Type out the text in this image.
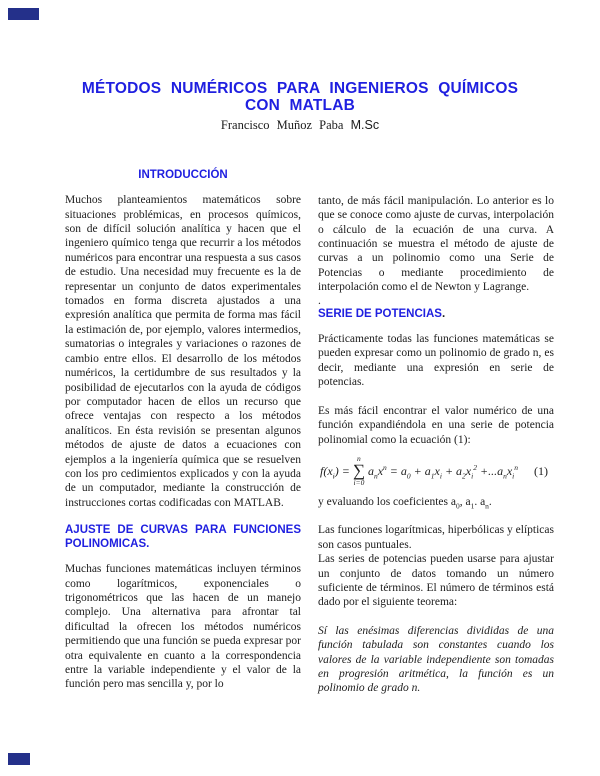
MÉTODOS NUMÉRICOS PARA INGENIEROS QUÍMICOS CON MATLAB
Francisco Muñoz Paba M.Sc
INTRODUCCIÓN

Muchos planteamientos matemáticos sobre situaciones problémicas, en procesos químicos, son de difícil solución analítica y hacen que el ingeniero químico tenga que recurrir a los métodos numéricos para encontrar una respuesta a sus casos de estudio. Una necesidad muy frecuente es la de representar un conjunto de datos experimentales tomados en forma discreta ajustados a una expresión analítica que permita de forma mas fácil la estimación de, por ejemplo, valores intermedios, sumatorias o integrales y variaciones o razones de cambio entre ellos. El desarrollo de los métodos numéricos, la certidumbre de sus resultados y la posibilidad de ejecutarlos con la ayuda de códigos por computador hacen de ellos un recurso que ofrece ventajas con respecto a los métodos analíticos. En ésta revisión se presentan algunos métodos de ajuste de datos a ecuaciones con ejemplos a la ingeniería química que se resuelven con los pro cedimientos explicados y con la ayuda de un computador, mediante la construcción de instrucciones cortas codificadas con MATLAB.

AJUSTE DE CURVAS PARA FUNCIONES POLINOMICAS.

Muchas funciones matemáticas incluyen términos como logarítmicos, exponenciales o trigonométricos que las hacen de un manejo complejo. Una alternativa para afrontar tal dificultad la ofrecen los métodos numéricos permitiendo que una función se pueda expresar por otra equivalente en cuanto a la correspondencia entre la variable independiente y el valor de la función pero mas sencilla y, por lo

tanto, de más fácil manipulación. Lo anterior es lo que se conoce como ajuste de curvas, interpolación o cálculo de la ecuación de una curva. A continuación se muestra el método de ajuste de curvas a un polinomio como una Serie de Potencias o mediante procedimiento de interpolación como el de Newton y Lagrange.

.

SERIE DE POTENCIAS.

Prácticamente todas las funciones matemáticas se pueden expresar como un polinomio de grado n, es decir, mediante una expresión en serie de potencias.

Es más fácil encontrar el valor numérico de una función expandiéndola en una serie de potencia polinomial como la ecuación (1):

$f(x_i)$ =
n
∑
i=0
$a_nx^n = a_0 + a_1x_i + a_2x_i^2 +...a_nx_i^n$ (1)

y evaluando los coeficientes $a_0$, $a_1$. $a_n$.

Las funciones logarítmicas, hiperbólicas y elípticas son casos puntuales.

Las series de potencias pueden usarse para ajustar un conjunto de datos tomando un número suficiente de términos. El número de términos está dado por el siguiente teorema:

Sí las enésimas diferencias divididas de una función tabulada son constantes cuando los valores de la variable independiente son tomadas en progresión aritmética, la función es un polinomio de grado n.
